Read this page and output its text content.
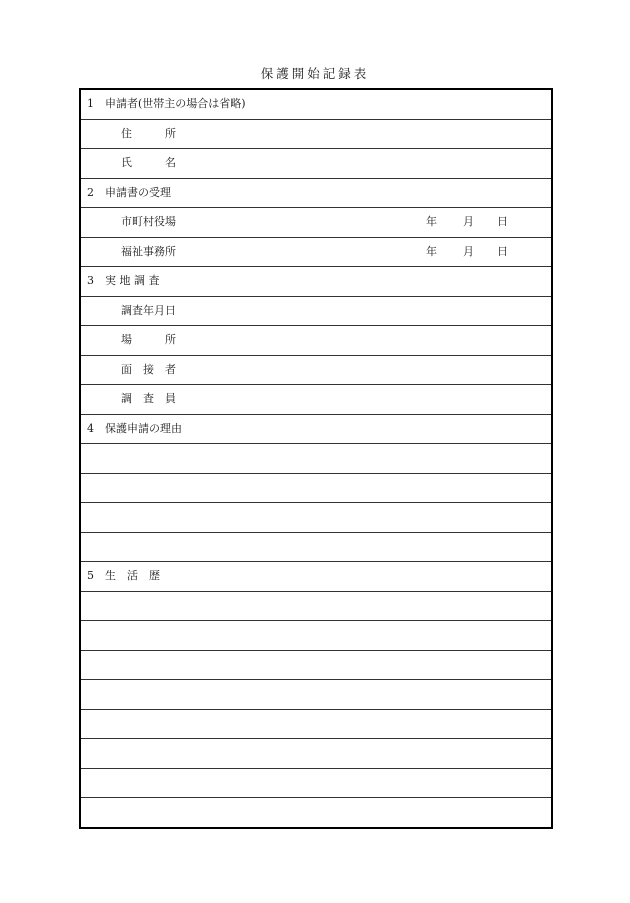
保護開始記録表
1 申請者(世帯主の場合は省略)
住　　　所
氏　　　名
2 申請書の受理
市町村役場	年 月 日
福祉事務所	年 月 日
3 実 地 調 査
調査年月日
場　　　所
面　接　者
調　査　員
4 保護申請の理由
5 生　活　歴
